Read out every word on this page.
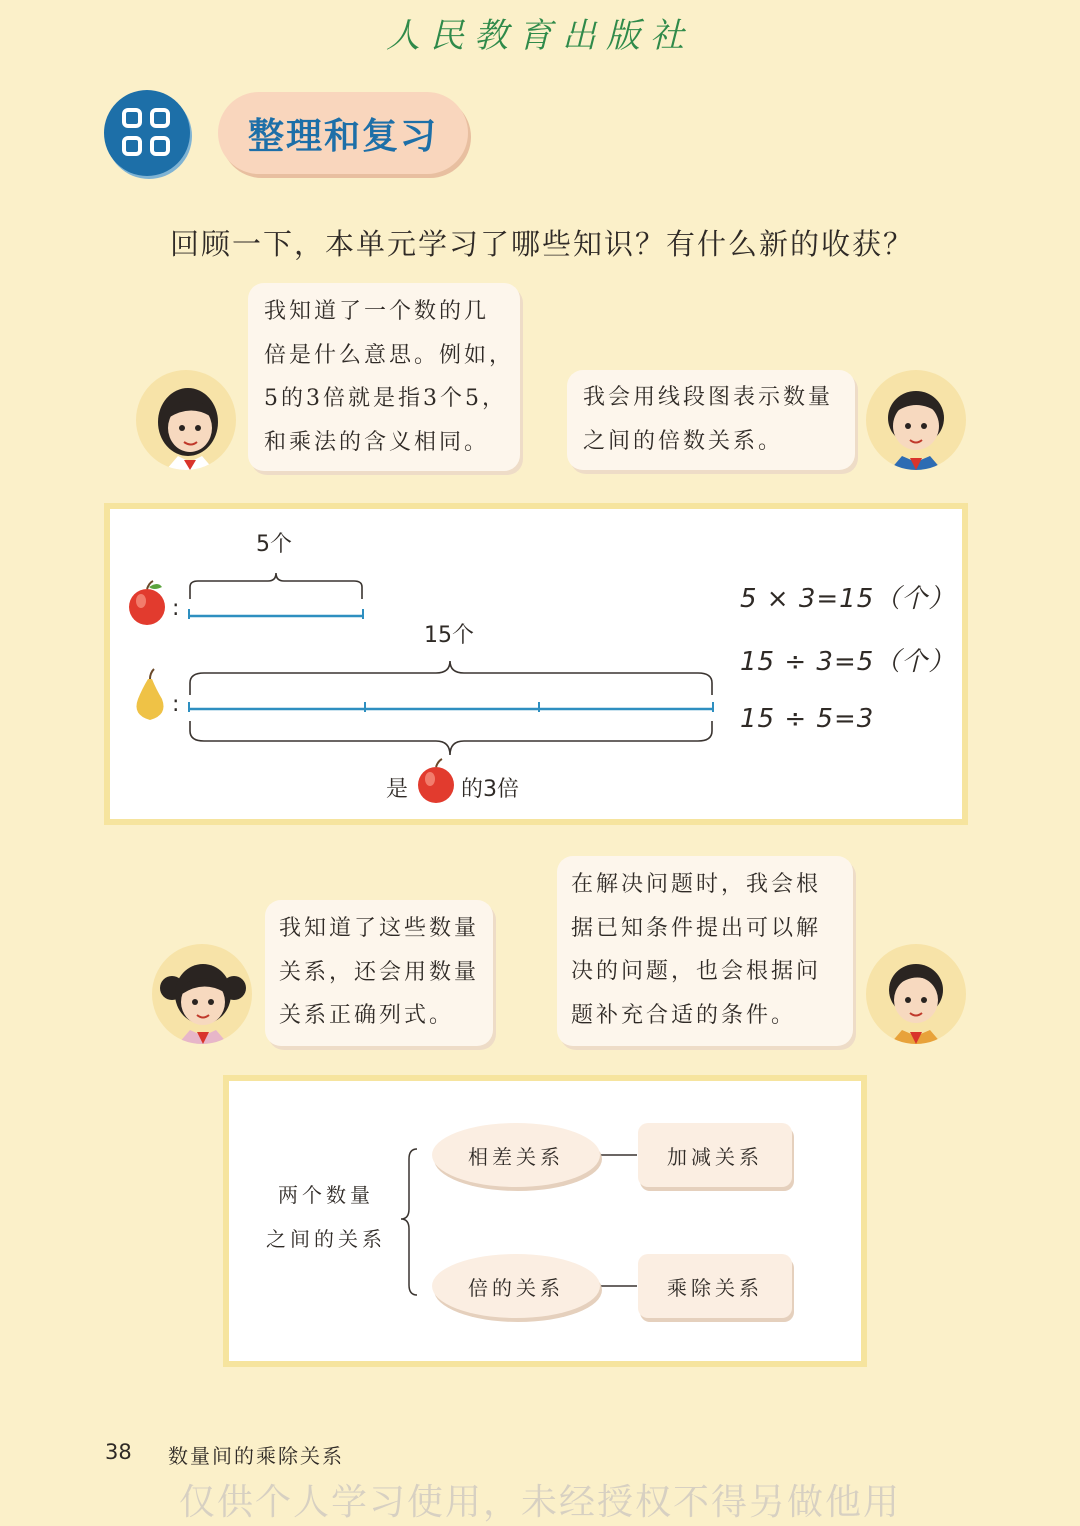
人民教育出版社
整理和复习
回顾一下，本单元学习了哪些知识？有什么新的收获？
我知道了一个数的几
倍是什么意思。例如，
5的3倍就是指3个5，
和乘法的含义相同。
我会用线段图表示数量
之间的倍数关系。
5个
15个
:
:
是 的3倍
5 × 3=15（个）
15 ÷ 3=5（个）
15 ÷ 5=3
我知道了这些数量
关系，还会用数量
关系正确列式。
在解决问题时，我会根
据已知条件提出可以解
决的问题，也会根据问
题补充合适的条件。
两个数量
之间的关系
相差关系	加减关系
倍的关系	乘除关系
38 数量间的乘除关系
仅供个人学习使用，未经授权不得另做他用
